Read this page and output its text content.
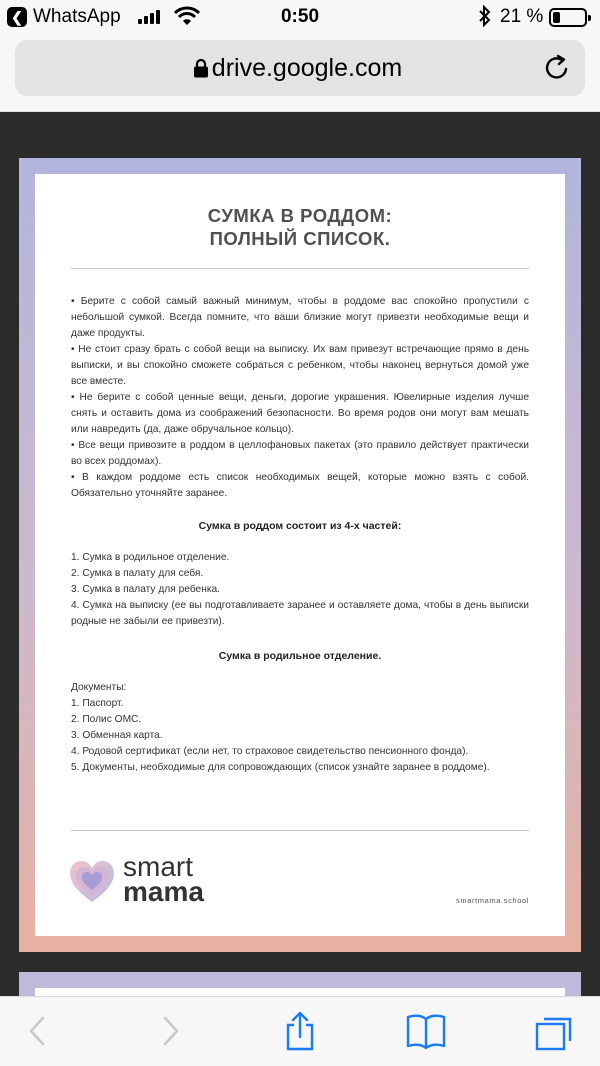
❮ WhatsApp	0:50	21 %
drive.google.com
СУМКА В РОДДОМ:
ПОЛНЫЙ СПИСОК.

• Берите с собой самый важный минимум, чтобы в роддоме вас спокойно пропустили с небольшой сумкой. Всегда помните, что ваши близкие могут привезти необходимые вещи и даже продукты.

• Не стоит сразу брать с собой вещи на выписку. Их вам привезут встречающие прямо в день выписки, и вы спокойно сможете собраться с ребенком, чтобы наконец вернуться домой уже все вместе.

• Не берите с собой ценные вещи, деньги, дорогие украшения. Ювелирные изделия лучше снять и оставить дома из соображений безопасности. Во время родов они могут вам мешать или навредить (да, даже обручальное кольцо).

• Все вещи привозите в роддом в целлофановых пакетах (это правило действует практически во всех роддомах).

• В каждом роддоме есть список необходимых вещей, которые можно взять с собой. Обязательно уточняйте заранее.

Сумка в роддом состоит из 4-х частей:

1. Сумка в родильное отделение.

2. Сумка в палату для себя.

3. Сумка в палату для ребенка.

4. Сумка на выписку (ее вы подготавливаете заранее и оставляете дома, чтобы в день выписки родные не забыли ее привезти).

Сумка в родильное отделение.

Документы:

1. Паспорт.

2. Полис ОМС.

3. Обменная карта.

4. Родовой сертификат (если нет, то страховое свидетельство пенсионного фонда).

5. Документы, необходимые для сопровождающих (список узнайте заранее в роддоме).

smart
mama	smartmama.school
